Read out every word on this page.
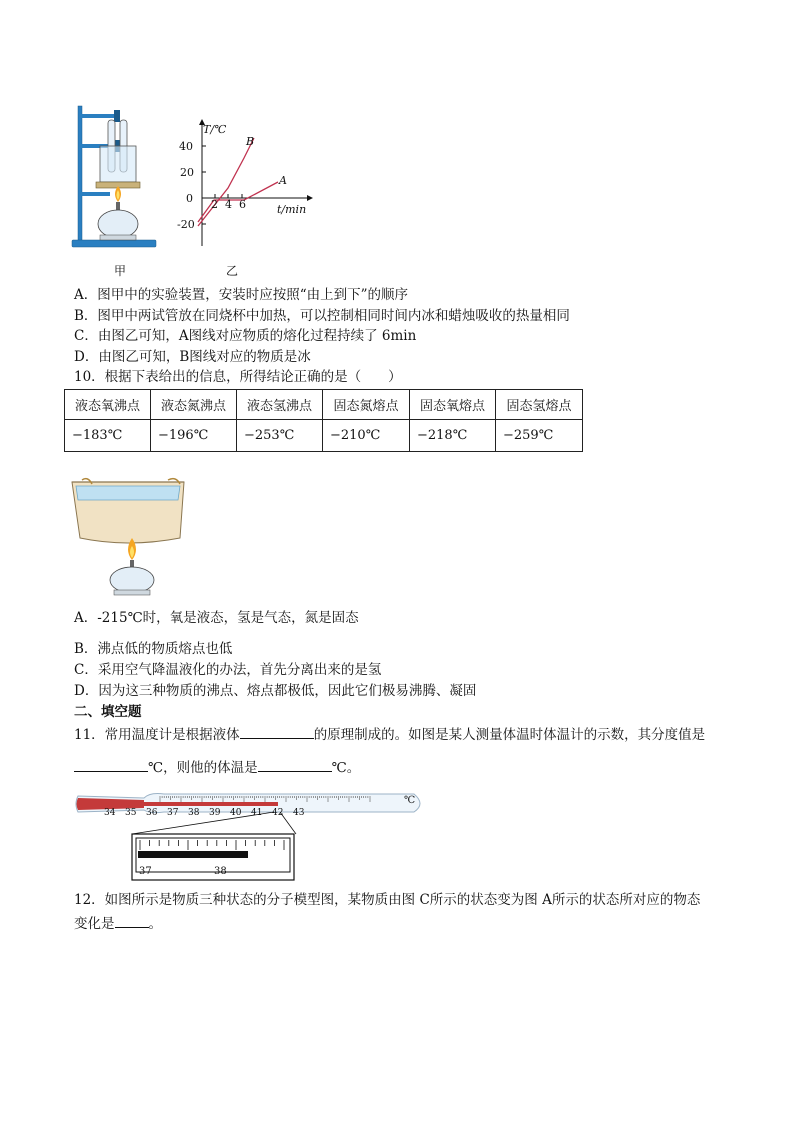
T/℃
B
A
40
20
0
-20
2 4 6	t/min
甲	乙
A．图甲中的实验装置，安装时应按照“由上到下”的顺序
B．图甲中两试管放在同烧杯中加热，可以控制相同时间内冰和蜡烛吸收的热量相同
C．由图乙可知，A图线对应物质的熔化过程持续了 6min
D．由图乙可知，B图线对应的物质是冰
10．根据下表给出的信息，所得结论正确的是（　　）
液态氧沸点	液态氮沸点	液态氢沸点	固态氮熔点	固态氧熔点	固态氢熔点
−183℃	−196℃	−253℃	−210℃	−218℃	−259℃
A．-215℃时，氧是液态，氢是气态，氮是固态
B．沸点低的物质熔点也低
C．采用空气降温液化的办法，首先分离出来的是氢
D．因为这三种物质的沸点、熔点都极低，因此它们极易沸腾、凝固
二、填空题
11．常用温度计是根据液体	的原理制成的。如图是某人测量体温时体温计的示数，其分度值是
℃，则他的体温是	℃。
34 35 36 37 38 39 40 41 42 43
℃
37	38
12．如图所示是物质三种状态的分子模型图，某物质由图 C所示的状态变为图 A所示的状态所对应的物态
变化是	。
